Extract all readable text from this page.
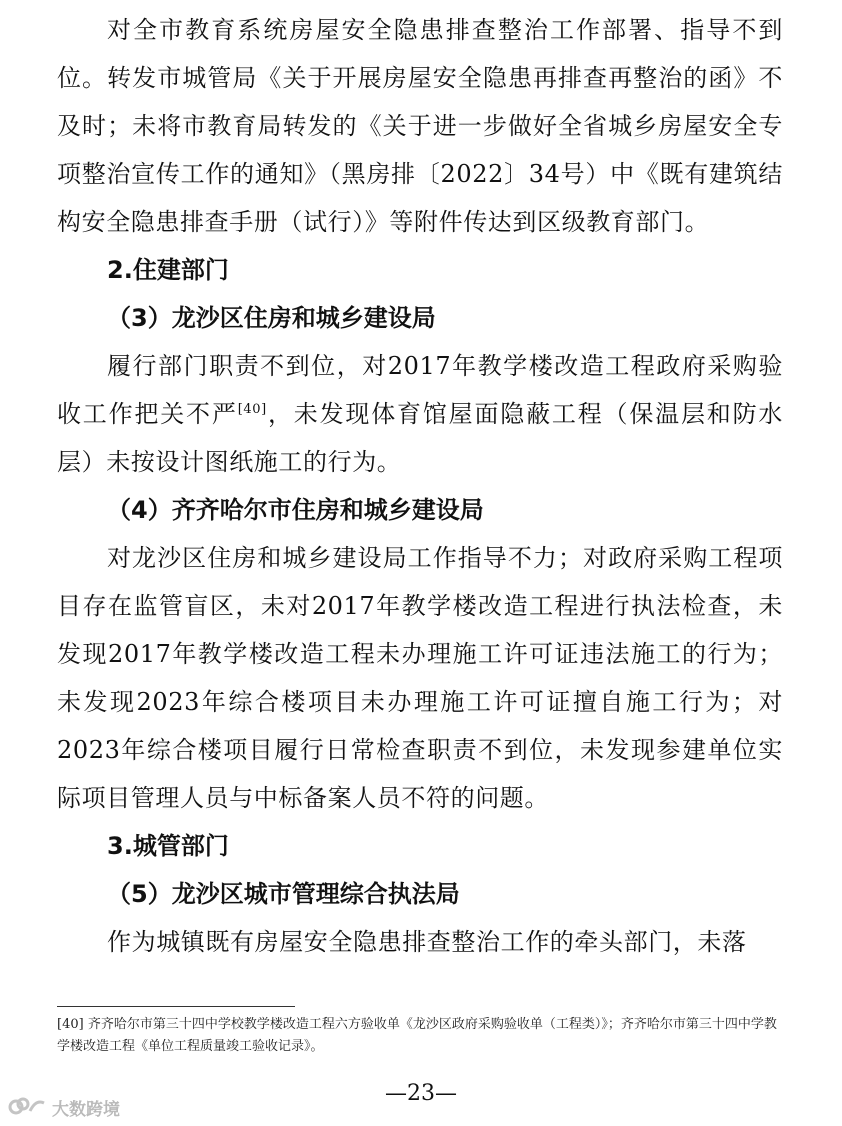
对全市教育系统房屋安全隐患排查整治工作部署、指导不到位。转发市城管局《关于开展房屋安全隐患再排查再整治的函》不及时；未将市教育局转发的《关于进一步做好全省城乡房屋安全专项整治宣传工作的通知》（黑房排〔2022〕34号）中《既有建筑结构安全隐患排查手册（试行）》等附件传达到区级教育部门。

2.住建部门

（3）龙沙区住房和城乡建设局

履行部门职责不到位，对2017年教学楼改造工程政府采购验收工作把关不严[40]，未发现体育馆屋面隐蔽工程（保温层和防水层）未按设计图纸施工的行为。

（4）齐齐哈尔市住房和城乡建设局

对龙沙区住房和城乡建设局工作指导不力；对政府采购工程项目存在监管盲区，未对2017年教学楼改造工程进行执法检查，未发现2017年教学楼改造工程未办理施工许可证违法施工的行为；未发现2023年综合楼项目未办理施工许可证擅自施工行为；对2023年综合楼项目履行日常检查职责不到位，未发现参建单位实际项目管理人员与中标备案人员不符的问题。

3.城管部门

（5）龙沙区城市管理综合执法局

作为城镇既有房屋安全隐患排查整治工作的牵头部门，未落

[40] 齐齐哈尔市第三十四中学校教学楼改造工程六方验收单《龙沙区政府采购验收单（工程类）》；齐齐哈尔市第三十四中学教学楼改造工程《单位工程质量竣工验收记录》。
—23—
大数跨境
